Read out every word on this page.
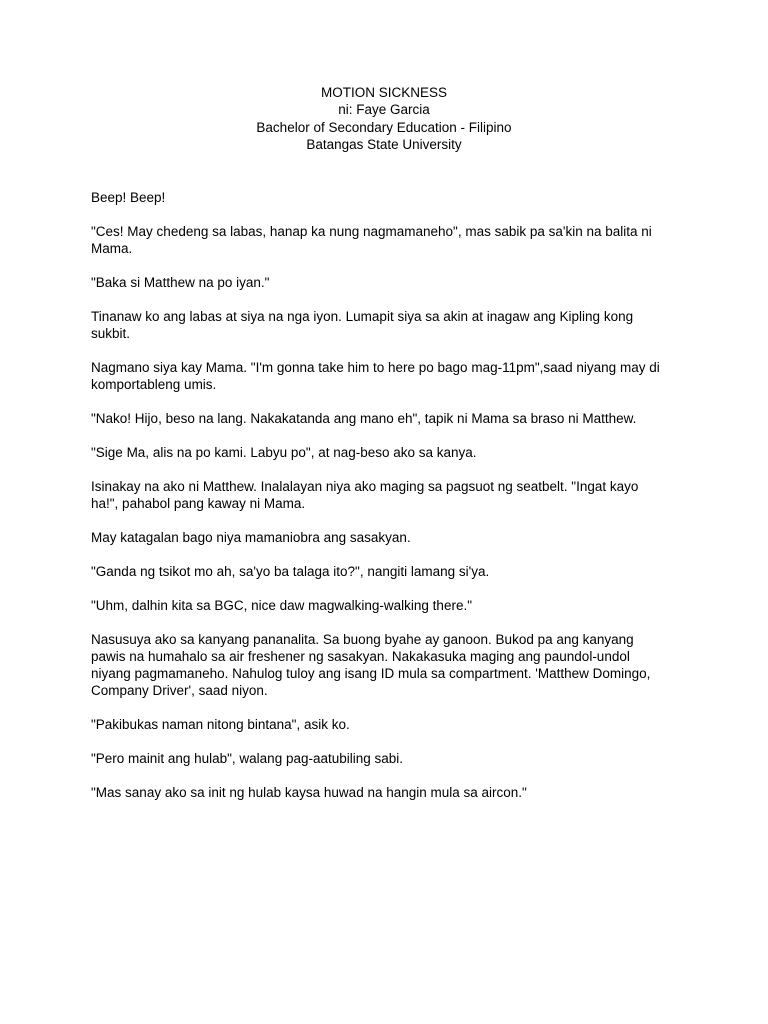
MOTION SICKNESS
ni: Faye Garcia
Bachelor of Secondary Education - Filipino
Batangas State University

Beep! Beep!

"Ces! May chedeng sa labas, hanap ka nung nagmamaneho", mas sabik pa sa'kin na balita ni
Mama.

"Baka si Matthew na po iyan."

Tinanaw ko ang labas at siya na nga iyon. Lumapit siya sa akin at inagaw ang Kipling kong
sukbit.

Nagmano siya kay Mama. "I'm gonna take him to here po bago mag-11pm",saad niyang may di
komportableng umis.

"Nako! Hijo, beso na lang. Nakakatanda ang mano eh", tapik ni Mama sa braso ni Matthew.

"Sige Ma, alis na po kami. Labyu po", at nag-beso ako sa kanya.

Isinakay na ako ni Matthew. Inalalayan niya ako maging sa pagsuot ng seatbelt. "Ingat kayo
ha!", pahabol pang kaway ni Mama.

May katagalan bago niya mamaniobra ang sasakyan.

"Ganda ng tsikot mo ah, sa'yo ba talaga ito?", nangiti lamang si'ya.

"Uhm, dalhin kita sa BGC, nice daw magwalking-walking there."

Nasusuya ako sa kanyang pananalita. Sa buong byahe ay ganoon. Bukod pa ang kanyang
pawis na humahalo sa air freshener ng sasakyan. Nakakasuka maging ang paundol-undol
niyang pagmamaneho. Nahulog tuloy ang isang ID mula sa compartment. 'Matthew Domingo,
Company Driver', saad niyon.

"Pakibukas naman nitong bintana", asik ko.

"Pero mainit ang hulab", walang pag-aatubiling sabi.

"Mas sanay ako sa init ng hulab kaysa huwad na hangin mula sa aircon."
